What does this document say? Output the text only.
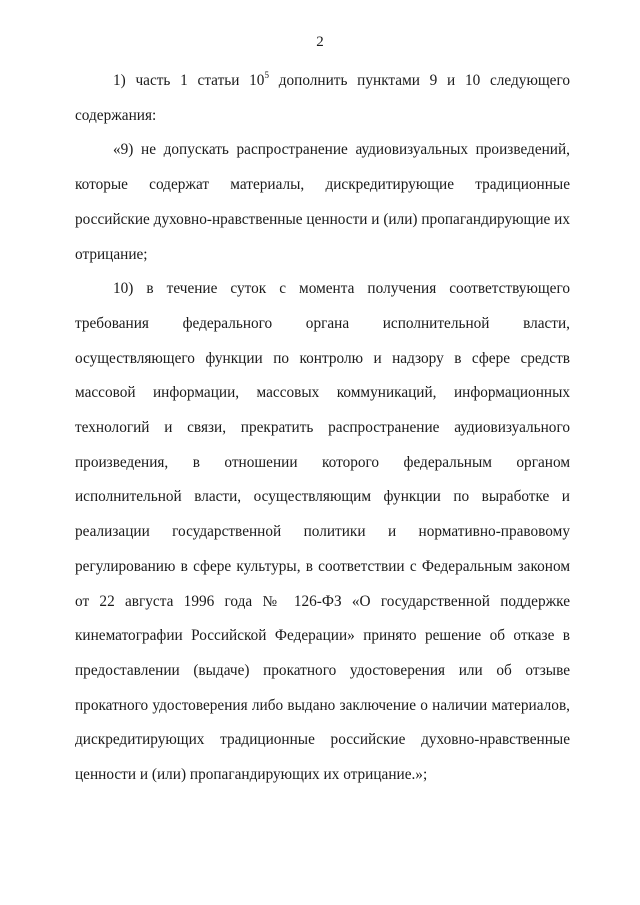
2

1) часть 1 статьи $10^5$ дополнить пунктами 9 и 10 следующего содержания:

«9) не допускать распространение аудиовизуальных произведений, которые содержат материалы, дискредитирующие традиционные российские духовно-нравственные ценности и (или) пропагандирующие их отрицание;

10) в течение суток с момента получения соответствующего требования федерального органа исполнительной власти, осуществляющего функции по контролю и надзору в сфере средств массовой информации, массовых коммуникаций, информационных технологий и связи, прекратить распространение аудиовизуального произведения, в отношении которого федеральным органом исполнительной власти, осуществляющим функции по выработке и реализации государственной политики и нормативно-правовому регулированию в сфере культуры, в соответствии с Федеральным законом от 22 августа 1996 года № 126-ФЗ «О государственной поддержке кинематографии Российской Федерации» принято решение об отказе в предоставлении (выдаче) прокатного удостоверения или об отзыве прокатного удостоверения либо выдано заключение о наличии материалов, дискредитирующих традиционные российские духовно-нравственные ценности и (или) пропагандирующих их отрицание.»;
